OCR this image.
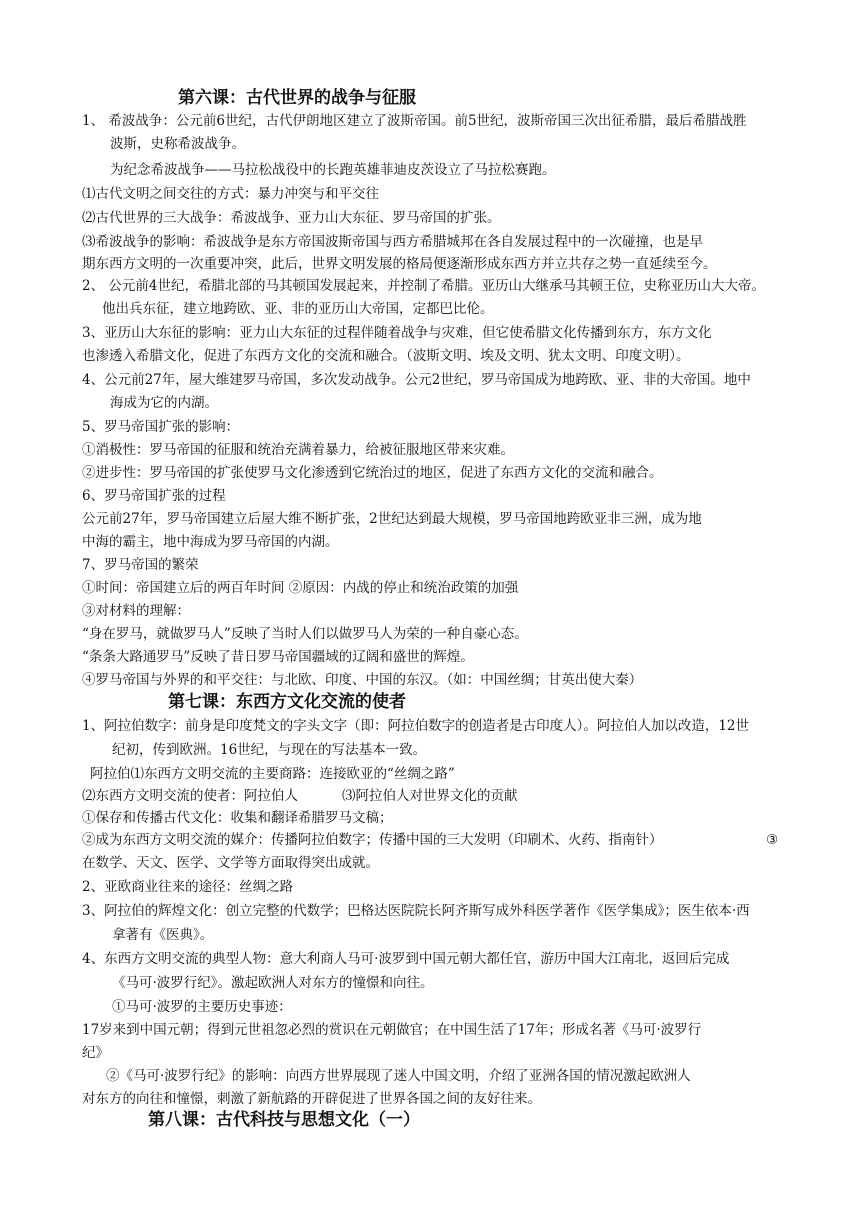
第六课：古代世界的战争与征服
1、 希波战争：公元前6世纪，古代伊朗地区建立了波斯帝国。前5世纪，波斯帝国三次出征希腊，最后希腊战胜
波斯，史称希波战争。
为纪念希波战争——马拉松战役中的长跑英雄菲迪皮茨设立了马拉松赛跑。
⑴古代文明之间交往的方式：暴力冲突与和平交往
⑵古代世界的三大战争：希波战争、亚力山大东征、罗马帝国的扩张。
⑶希波战争的影响：希波战争是东方帝国波斯帝国与西方希腊城邦在各自发展过程中的一次碰撞，也是早
期东西方文明的一次重要冲突，此后，世界文明发展的格局便逐渐形成东西方并立共存之势一直延续至今。
2、 公元前4世纪，希腊北部的马其顿国发展起来，并控制了希腊。亚历山大继承马其顿王位，史称亚历山大大帝。
他出兵东征，建立地跨欧、亚、非的亚历山大帝国，定都巴比伦。
3、亚历山大东征的影响：亚力山大东征的过程伴随着战争与灾难，但它使希腊文化传播到东方，东方文化
也渗透入希腊文化，促进了东西方文化的交流和融合。（波斯文明、埃及文明、犹太文明、印度文明）。
4、公元前27年，屋大维建罗马帝国，多次发动战争。公元2世纪，罗马帝国成为地跨欧、亚、非的大帝国。地中
海成为它的内湖。
5、罗马帝国扩张的影响：
①消极性：罗马帝国的征服和统治充满着暴力，给被征服地区带来灾难。
②进步性：罗马帝国的扩张使罗马文化渗透到它统治过的地区，促进了东西方文化的交流和融合。
6、罗马帝国扩张的过程
公元前27年，罗马帝国建立后屋大维不断扩张，2世纪达到最大规模，罗马帝国地跨欧亚非三洲，成为地
中海的霸主，地中海成为罗马帝国的内湖。
7、罗马帝国的繁荣
①时间：帝国建立后的两百年时间 ②原因：内战的停止和统治政策的加强
③对材料的理解：
“身在罗马，就做罗马人”反映了当时人们以做罗马人为荣的一种自豪心态。
“条条大路通罗马”反映了昔日罗马帝国疆域的辽阔和盛世的辉煌。
④罗马帝国与外界的和平交往：与北欧、印度、中国的东汉。（如：中国丝绸；甘英出使大秦）
第七课：东西方文化交流的使者
1、阿拉伯数字：前身是印度梵文的字头文字（即：阿拉伯数字的创造者是古印度人）。阿拉伯人加以改造，12世
纪初，传到欧洲。16世纪，与现在的写法基本一致。
阿拉伯⑴东西方文明交流的主要商路：连接欧亚的“丝绸之路”
⑵东西方文明交流的使者：阿拉伯人	⑶阿拉伯人对世界文化的贡献
①保存和传播古代文化：收集和翻译希腊罗马文稿；
②成为东西方文明交流的媒介：传播阿拉伯数字；传播中国的三大发明（印刷术、火药、指南针）	③
在数学、天文、医学、文学等方面取得突出成就。
2、亚欧商业往来的途径：丝绸之路
3、阿拉伯的辉煌文化：创立完整的代数学；巴格达医院院长阿齐斯写成外科医学著作《医学集成》；医生依本·西
拿著有《医典》。
4、东西方文明交流的典型人物：意大利商人马可·波罗到中国元朝大都任官，游历中国大江南北，返回后完成
《马可·波罗行纪》。激起欧洲人对东方的憧憬和向往。
①马可·波罗的主要历史事迹：
17岁来到中国元朝；得到元世祖忽必烈的赏识在元朝做官；在中国生活了17年；形成名著《马可·波罗行
纪》
②《马可·波罗行纪》的影响：向西方世界展现了迷人中国文明，介绍了亚洲各国的情况激起欧洲人
对东方的向往和憧憬，刺激了新航路的开辟促进了世界各国之间的友好往来。
第八课：古代科技与思想文化（一）
